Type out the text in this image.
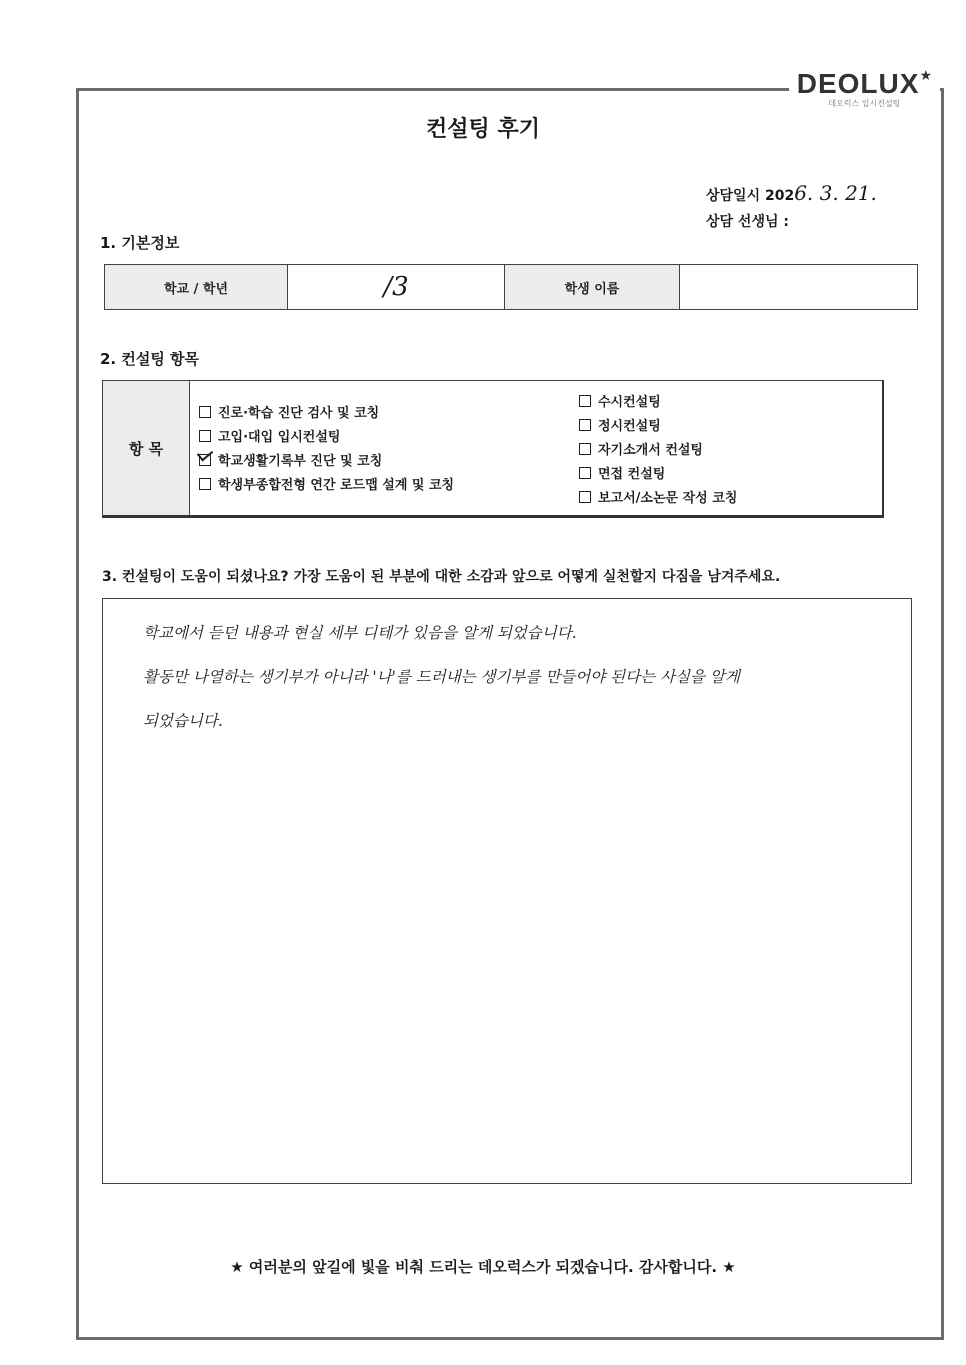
DEOLUX★
데오럭스 입시컨설팅
컨설팅 후기
상담일시 2026. 3. 21.
상담 선생님 :
1. 기본정보
학교 / 학년	/3	학생 이름	
2. 컨설팅 항목
항 목
진로·학습 진단 검사 및 코칭
고입·대입 입시컨설팅
학교생활기록부 진단 및 코칭
학생부종합전형 연간 로드맵 설계 및 코칭
수시컨설팅
정시컨설팅
자기소개서 컨설팅
면접 컨설팅
보고서/소논문 작성 코칭
3. 컨설팅이 도움이 되셨나요? 가장 도움이 된 부분에 대한 소감과 앞으로 어떻게 실천할지 다짐을 남겨주세요.
학교에서 듣던 내용과 현실 세부 디테가 있음을 알게 되었습니다.
활동만 나열하는 생기부가 아니라 '나'를 드러내는 생기부를 만들어야 된다는 사실을 알게
되었습니다.
★ 여러분의 앞길에 빛을 비춰 드리는 데오럭스가 되겠습니다. 감사합니다. ★
